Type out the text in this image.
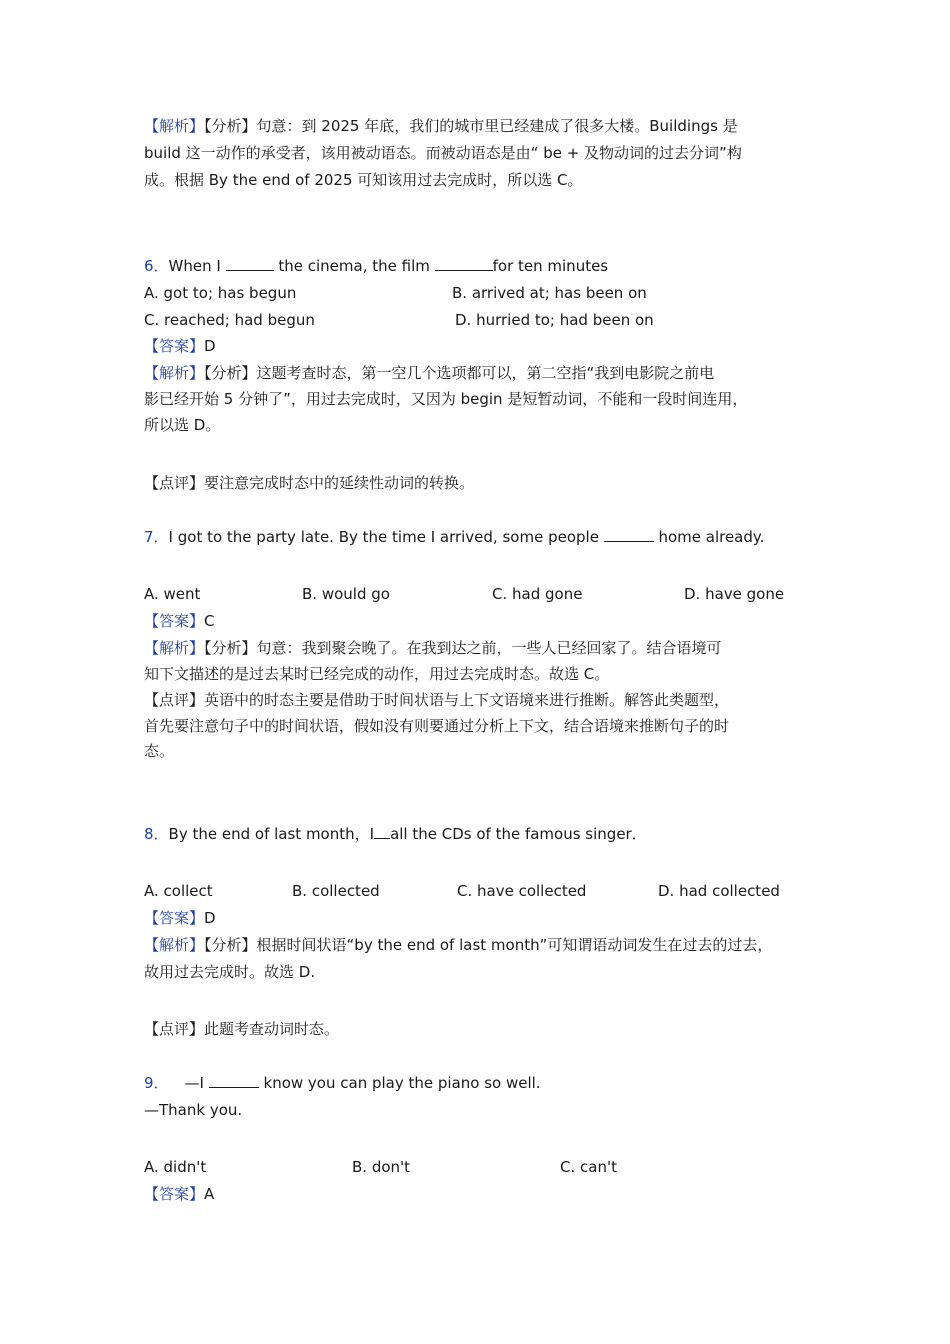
【解析】【分析】句意：到 2025 年底，我们的城市里已经建成了很多大楼。Buildings 是
build 这一动作的承受者，该用被动语态。而被动语态是由“ be + 及物动词的过去分词”构
成。根据 By the end of 2025 可知该用过去完成时，所以选 C。
6．When I	the cinema, the film	for ten minutes
A. got to; has begun	B. arrived at; has been on
C. reached; had begun	D. hurried to; had been on
【答案】D
【解析】【分析】这题考查时态，第一空几个选项都可以，第二空指“我到电影院之前电
影已经开始 5 分钟了”，用过去完成时，又因为 begin 是短暂动词，不能和一段时间连用，
所以选 D。
【点评】要注意完成时态中的延续性动词的转换。
7．I got to the party late. By the time I arrived, some people	home already.
A. went	B. would go	C. had gone	D. have gone
【答案】C
【解析】【分析】句意：我到聚会晚了。在我到达之前，一些人已经回家了。结合语境可
知下文描述的是过去某时已经完成的动作，用过去完成时态。故选 C。
【点评】英语中的时态主要是借助于时间状语与上下文语境来进行推断。解答此类题型，
首先要注意句子中的时间状语，假如没有则要通过分析上下文，结合语境来推断句子的时
态。
8．By the end of last month，I all the CDs of the famous singer．
A. collect	B. collected	C. have collected	D. had collected
【答案】D
【解析】【分析】根据时间状语“by the end of last month”可知谓语动词发生在过去的过去，
故用过去完成时。故选 D.
【点评】此题考查动词时态。
9． —I	know you can play the piano so well.
—Thank you.
A. didn't	B. don't	C. can't
【答案】A
